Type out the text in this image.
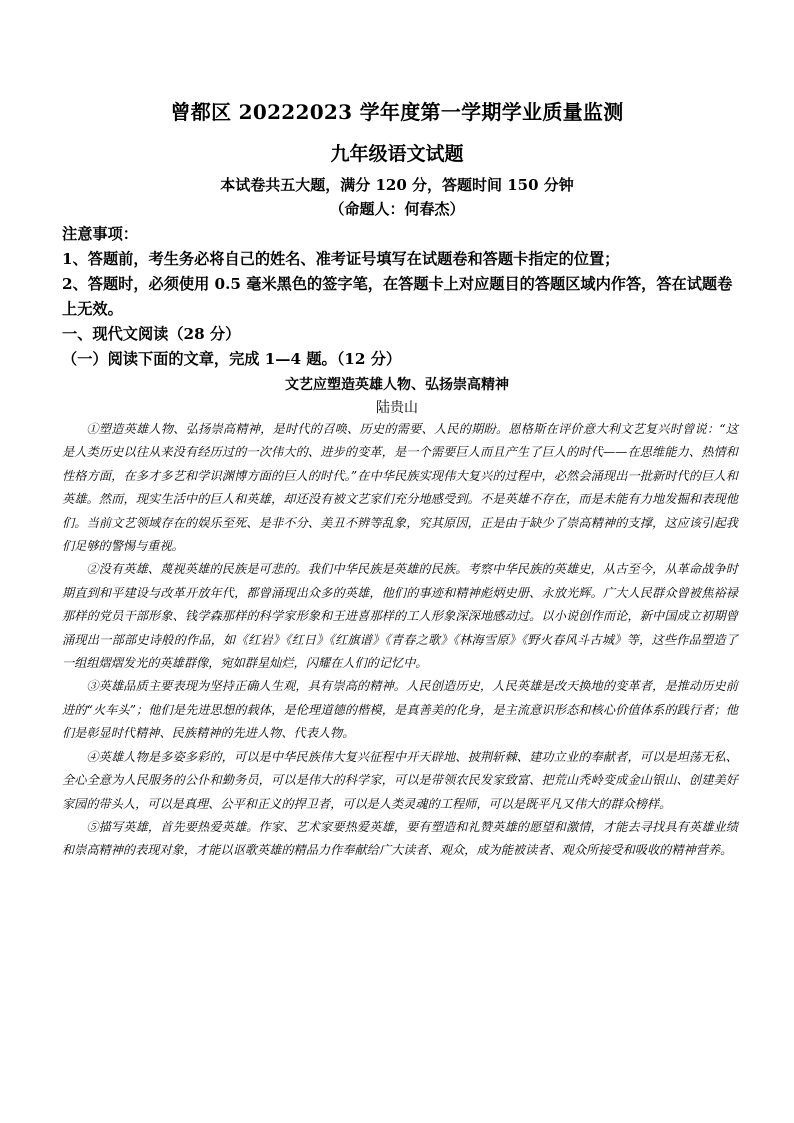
曾都区 20222023 学年度第一学期学业质量监测
九年级语文试题
本试卷共五大题，满分 120 分，答题时间 150 分钟
（命题人：何春杰）

注意事项：

1、答题前，考生务必将自己的姓名、准考证号填写在试题卷和答题卡指定的位置；

2、答题时，必须使用 0.5 毫米黑色的签字笔，在答题卡上对应题目的答题区域内作答，答在试题卷上无效。

一、现代文阅读（28 分）

（一）阅读下面的文章，完成 1—4 题。（12 分）

文艺应塑造英雄人物、弘扬崇高精神
陆贵山

①塑造英雄人物、弘扬崇高精神，是时代的召唤、历史的需要、人民的期盼。恩格斯在评价意大利文艺复兴时曾说：“这是人类历史以往从来没有经历过的一次伟大的、进步的变革，是一个需要巨人而且产生了巨人的时代——在思维能力、热情和性格方面，在多才多艺和学识渊博方面的巨人的时代。”在中华民族实现伟大复兴的过程中，必然会涌现出一批新时代的巨人和英雄。然而，现实生活中的巨人和英雄，却还没有被文艺家们充分地感受到。不是英雄不存在，而是未能有力地发掘和表现他们。当前文艺领域存在的娱乐至死、是非不分、美丑不辨等乱象，究其原因，正是由于缺少了崇高精神的支撑，这应该引起我们足够的警惕与重视。

②没有英雄、蔑视英雄的民族是可悲的。我们中华民族是英雄的民族。考察中华民族的英雄史，从古至今，从革命战争时期直到和平建设与改革开放年代，都曾涌现出众多的英雄，他们的事迹和精神彪炳史册、永放光辉。广大人民群众曾被焦裕禄那样的党员干部形象、钱学森那样的科学家形象和王进喜那样的工人形象深深地感动过。以小说创作而论，新中国成立初期曾涌现出一部部史诗般的作品，如《红岩》《红日》《红旗谱》《青春之歌》《林海雪原》《野火春风斗古城》等，这些作品塑造了一组组熠熠发光的英雄群像，宛如群星灿烂，闪耀在人们的记忆中。

③英雄品质主要表现为坚持正确人生观，具有崇高的精神。人民创造历史，人民英雄是改天换地的变革者，是推动历史前进的“火车头”；他们是先进思想的载体，是伦理道德的楷模，是真善美的化身，是主流意识形态和核心价值体系的践行者；他们是彰显时代精神、民族精神的先进人物、代表人物。

④英雄人物是多姿多彩的，可以是中华民族伟大复兴征程中开天辟地、披荆斩棘、建功立业的奉献者，可以是坦荡无私、全心全意为人民服务的公仆和勤务员，可以是伟大的科学家，可以是带领农民发家致富、把荒山秃岭变成金山银山、创建美好家园的带头人，可以是真理、公平和正义的捍卫者，可以是人类灵魂的工程师，可以是既平凡又伟大的群众榜样。

⑤描写英雄，首先要热爱英雄。作家、艺术家要热爱英雄，要有塑造和礼赞英雄的愿望和激情，才能去寻找具有英雄业绩和崇高精神的表现对象，才能以讴歌英雄的精品力作奉献给广大读者、观众，成为能被读者、观众所接受和吸收的精神营养。
